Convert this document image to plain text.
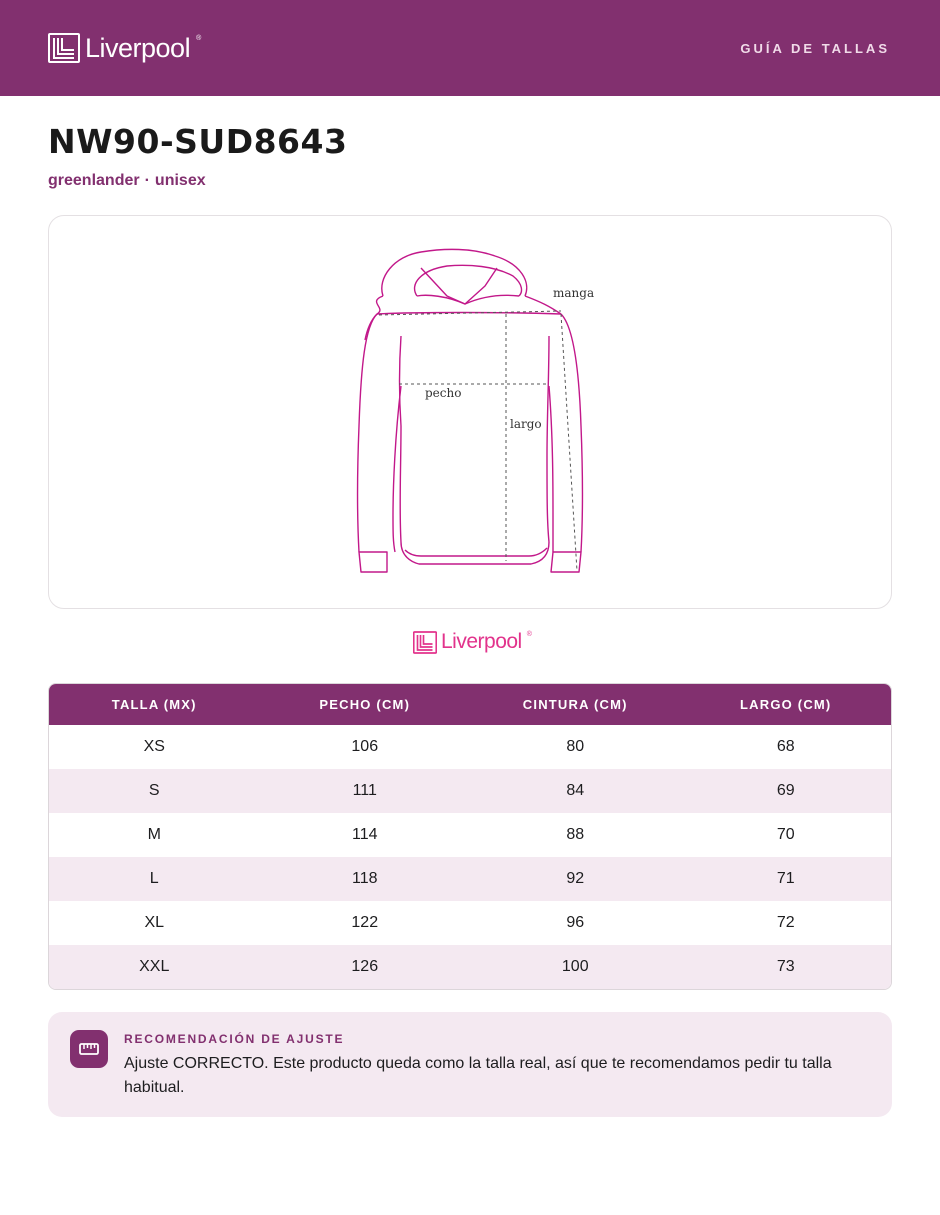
Liverpool ®
GUÍA DE TALLAS
NW90-SUD8643
greenlander · unisex
manga
pecho
largo
Liverpool ®
TALLA (MX)	PECHO (CM)	CINTURA (CM)	LARGO (CM)
XS	106	80	68
S	111	84	69
M	114	88	70
L	118	92	71
XL	122	96	72
XXL	126	100	73
RECOMENDACIÓN DE AJUSTE
Ajuste CORRECTO. Este producto queda como la talla real, así que te recomendamos pedir tu talla habitual.
